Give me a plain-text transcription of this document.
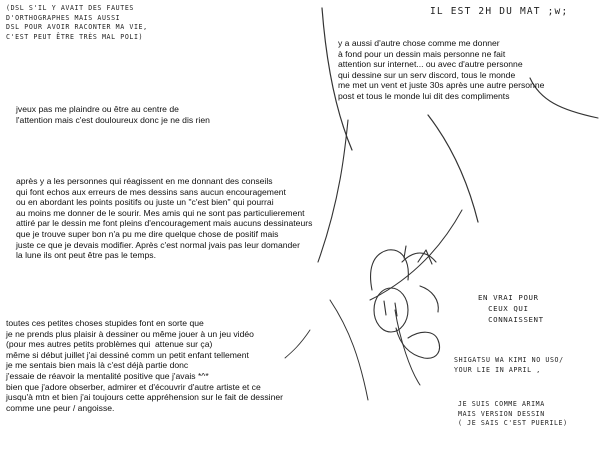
(DSL S'IL Y AVAIT DES FAUTES
D'ORTHOGRAPHES MAIS AUSSI
DSL POUR AVOIR RACONTER MA VIE,
C'EST PEUT ÊTRE TRÈS MAL POLI)
IL EST 2H DU MAT ;w;
y a aussi d'autre chose comme me donner
à fond pour un dessin mais personne ne fait
attention sur internet... ou avec d'autre personne
qui dessine sur un serv discord, tous le monde
me met un vent et juste 30s après une autre personne
post et tous le monde lui dit des compliments
jveux pas me plaindre ou être au centre de
l'attention mais c'est douloureux donc je ne dis rien
après y a les personnes qui réagissent en me donnant des conseils
qui font echos aux erreurs de mes dessins sans aucun encouragement
ou en abordant les points positifs ou juste un "c'est bien" qui pourrai
au moins me donner de le sourir. Mes amis qui ne sont pas particulierement
attiré par le dessin me font pleins d'encouragement mais aucuns dessinateurs
que je trouve super bon n'a pu me dire quelque chose de positif mais
juste ce que je devais modifier. Après c'est normal jvais pas leur domander
la lune ils ont peut être pas le temps.
toutes ces petites choses stupides font en sorte que
je ne prends plus plaisir à dessiner ou même jouer à un jeu vidéo
(pour mes autres petits problèmes qui  attenue sur ça)
même si début juillet j'ai dessiné comm un petit enfant tellement
je me sentais bien mais là c'est déjà partie donc
j'essaie de réavoir la mentalité positive que j'avais *^*
bien que j'adore obserber, admirer et d'écouvrir d'autre artiste et ce
jusqu'à mtn et bien j'ai toujours cette appréhension sur le fait de dessiner
comme une peur / angoisse.
EN VRAI POUR
CEUX QUI
CONNAISSENT
SHIGATSU WA KIMI NO USO/
YOUR LIE IN APRIL ,
JE SUIS COMME ARIMA
MAIS VERSION DESSIN
( JE SAIS C'EST PUERILE)
